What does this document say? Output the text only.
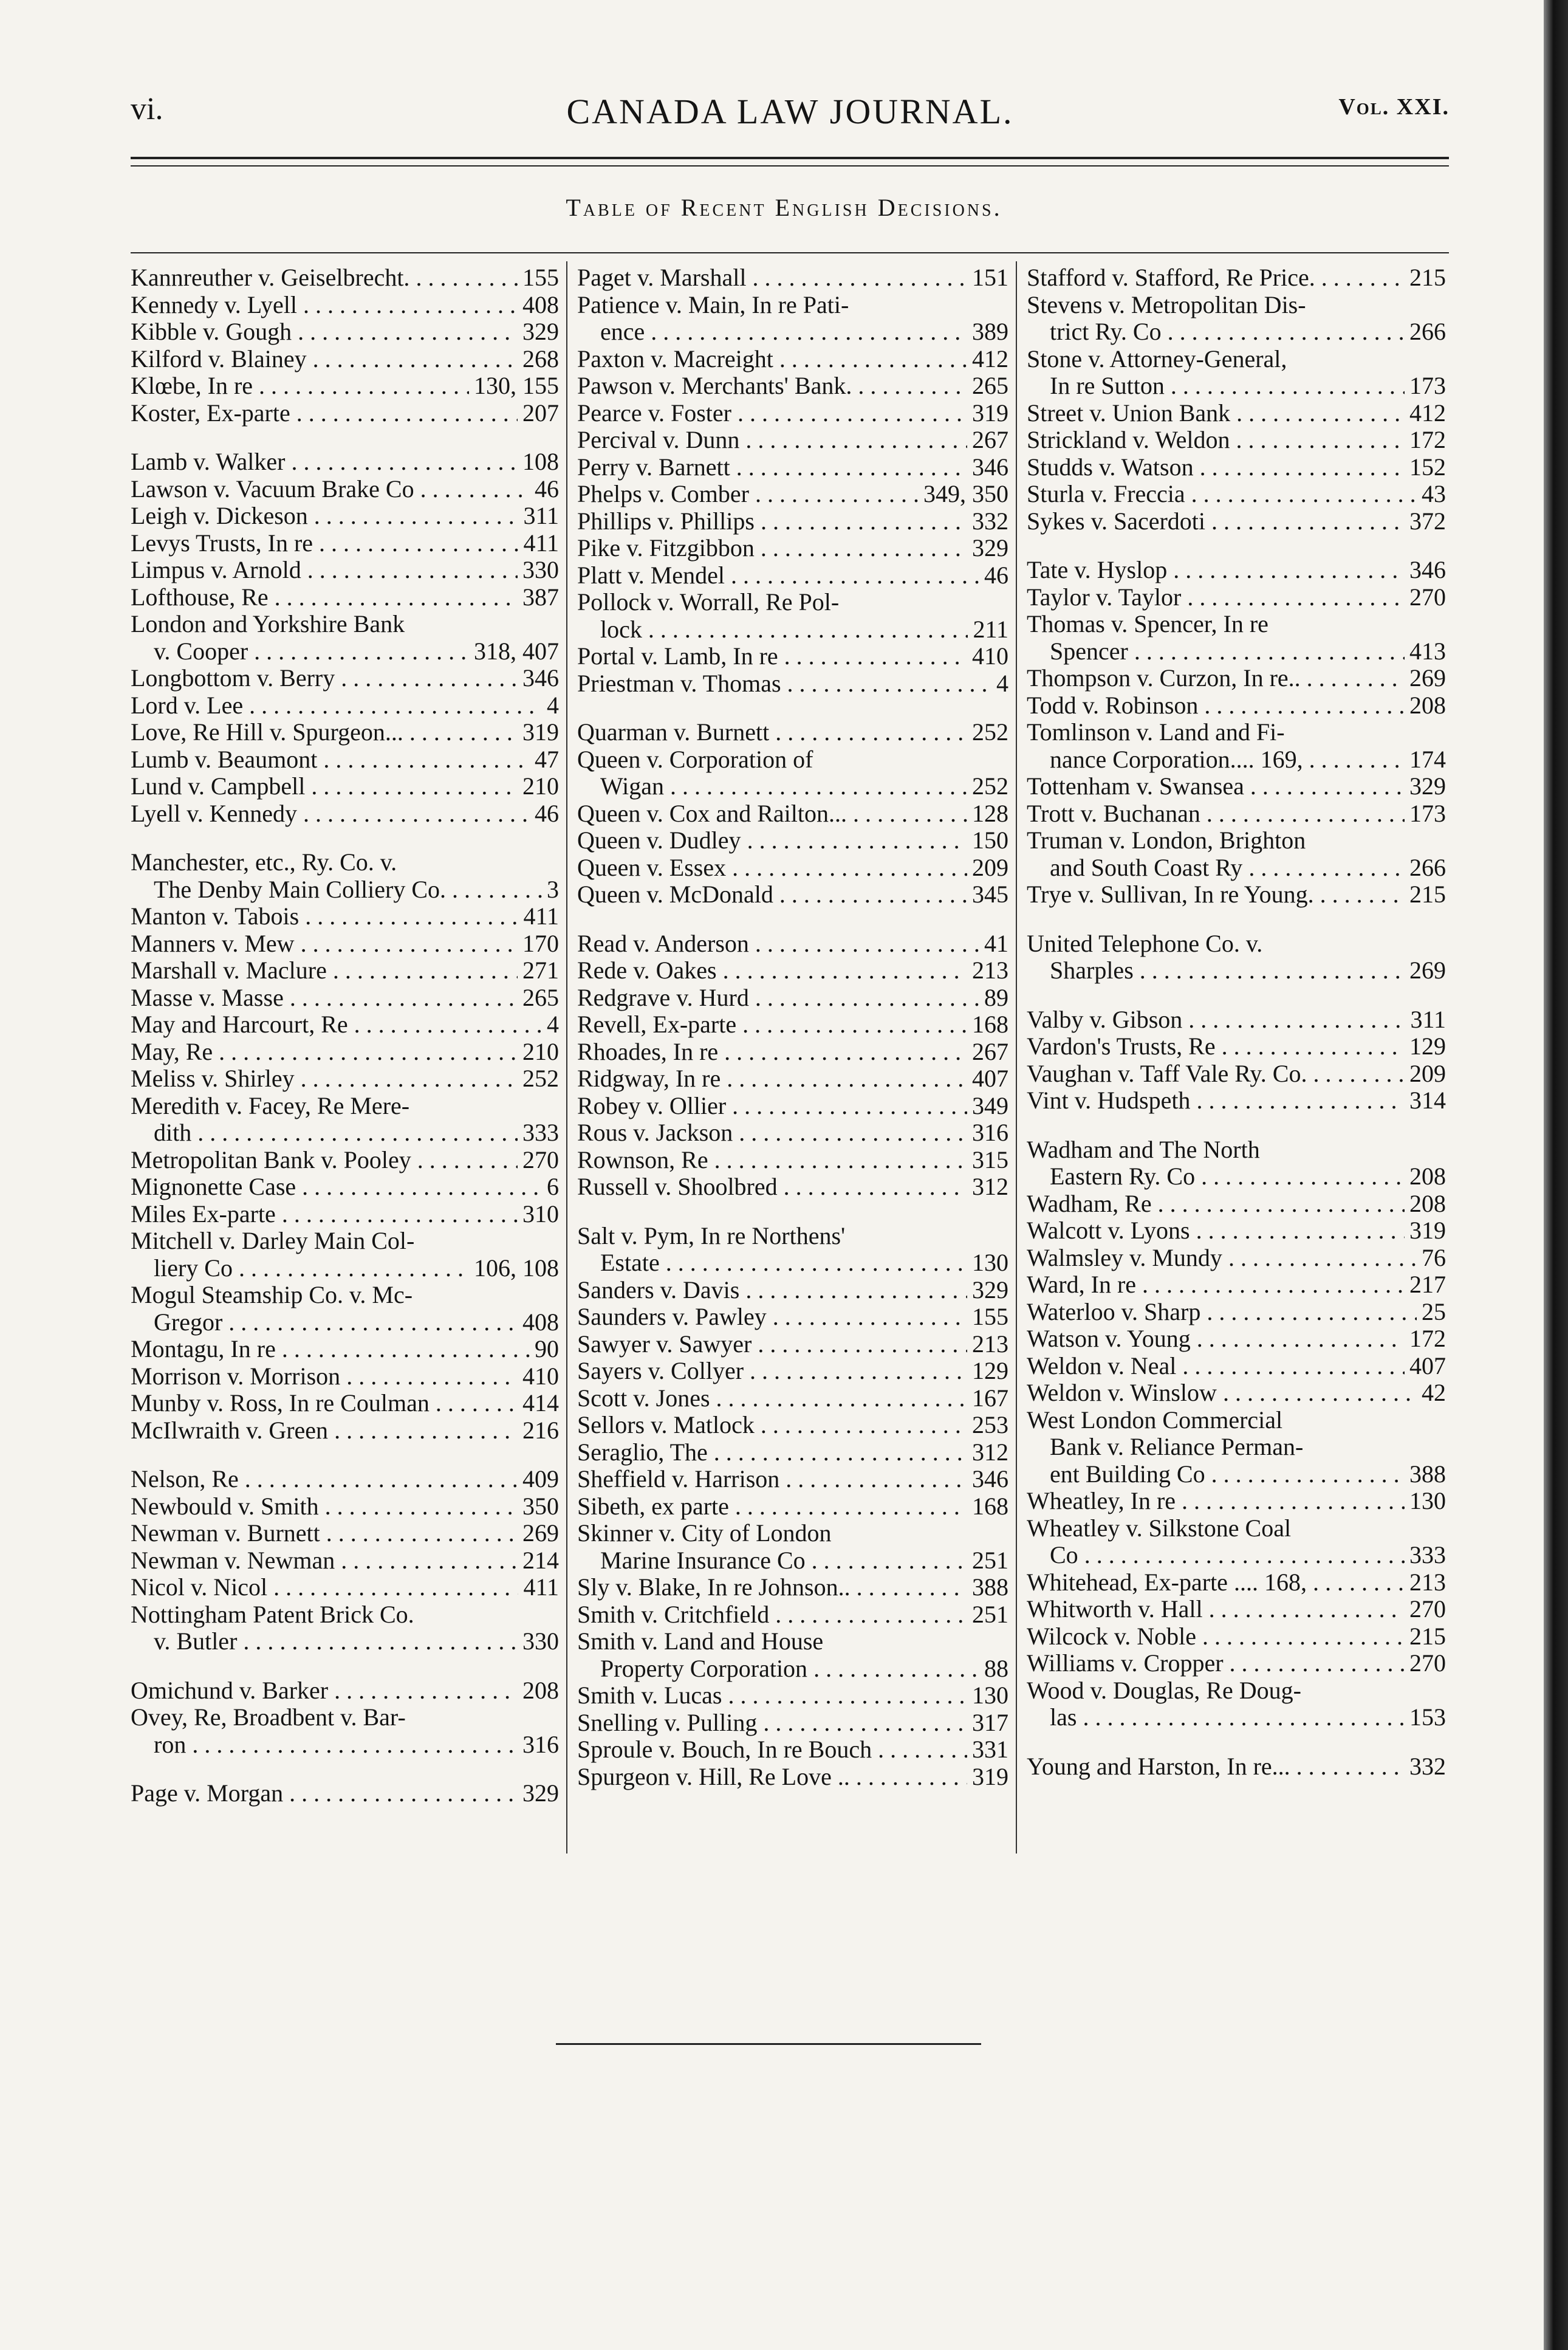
vi.	CANADA LAW JOURNAL.	Vol. XXI.
Table of Recent English Decisions.
Kannreuther v. Geiselbrecht. . . .	155
Kennedy v. Lyell . . .	408
Kibble v. Gough . . .	329
Kilford v. Blainey . . .	268
Klœbe, In re . . .	130, 155
Koster, Ex-parte . . .	207
Lamb v. Walker . . .	108
Lawson v. Vacuum Brake Co . . .	46
Leigh v. Dickeson . . .	311
Levys Trusts, In re . . .	411
Limpus v. Arnold . . .	330
Lofthouse, Re . . .	387
London and Yorkshire Bank
v. Cooper . . .	318, 407
Longbottom v. Berry . . .	346
Lord v. Lee . . .	4
Love, Re Hill v. Spurgeon... . . .	319
Lumb v. Beaumont . . .	47
Lund v. Campbell . . .	210
Lyell v. Kennedy . . .	46
Manchester, etc., Ry. Co. v.
The Denby Main Colliery Co. . . .	3
Manton v. Tabois . . .	411
Manners v. Mew . . .	170
Marshall v. Maclure . . .	271
Masse v. Masse . . .	265
May and Harcourt, Re . . .	4
May, Re . . .	210
Meliss v. Shirley . . .	252
Meredith v. Facey, Re Mere-
dith . . .	333
Metropolitan Bank v. Pooley . . .	270
Mignonette Case . . .	6
Miles Ex-parte . . .	310
Mitchell v. Darley Main Col-
liery Co . . .	106, 108
Mogul Steamship Co. v. Mc-
Gregor . . .	408
Montagu, In re . . .	90
Morrison v. Morrison . . .	410
Munby v. Ross, In re Coulman . . .	414
McIlwraith v. Green . . .	216
Nelson, Re . . .	409
Newbould v. Smith . . .	350
Newman v. Burnett . . .	269
Newman v. Newman . . .	214
Nicol v. Nicol . . .	411
Nottingham Patent Brick Co.
v. Butler . . .	330
Omichund v. Barker . . .	208
Ovey, Re, Broadbent v. Bar-
ron . . .	316
Page v. Morgan . . .	329
Paget v. Marshall . . .	151
Patience v. Main, In re Pati-
ence . . .	389
Paxton v. Macreight . . .	412
Pawson v. Merchants' Bank. . . .	265
Pearce v. Foster . . .	319
Percival v. Dunn . . .	267
Perry v. Barnett . . .	346
Phelps v. Comber . . .	349, 350
Phillips v. Phillips . . .	332
Pike v. Fitzgibbon . . .	329
Platt v. Mendel . . .	46
Pollock v. Worrall, Re Pol-
lock . . .	211
Portal v. Lamb, In re . . .	410
Priestman v. Thomas . . .	4
Quarman v. Burnett . . .	252
Queen v. Corporation of
Wigan . . .	252
Queen v. Cox and Railton... . . .	128
Queen v. Dudley . . .	150
Queen v. Essex . . .	209
Queen v. McDonald . . .	345
Read v. Anderson . . .	41
Rede v. Oakes . . .	213
Redgrave v. Hurd . . .	89
Revell, Ex-parte . . .	168
Rhoades, In re . . .	267
Ridgway, In re . . .	407
Robey v. Ollier . . .	349
Rous v. Jackson . . .	316
Rownson, Re . . .	315
Russell v. Shoolbred . . .	312
Salt v. Pym, In re Northens'
Estate . . .	130
Sanders v. Davis . . .	329
Saunders v. Pawley . . .	155
Sawyer v. Sawyer . . .	213
Sayers v. Collyer . . .	129
Scott v. Jones . . .	167
Sellors v. Matlock . . .	253
Seraglio, The . . .	312
Sheffield v. Harrison . . .	346
Sibeth, ex parte . . .	168
Skinner v. City of London
Marine Insurance Co . . .	251
Sly v. Blake, In re Johnson.. . . .	388
Smith v. Critchfield . . .	251
Smith v. Land and House
Property Corporation . . .	88
Smith v. Lucas . . .	130
Snelling v. Pulling . . .	317
Sproule v. Bouch, In re Bouch . . .	331
Spurgeon v. Hill, Re Love .. . . .	319
Stafford v. Stafford, Re Price. . . .	215
Stevens v. Metropolitan Dis-
trict Ry. Co . . .	266
Stone v. Attorney-General,
In re Sutton . . .	173
Street v. Union Bank . . .	412
Strickland v. Weldon . . .	172
Studds v. Watson . . .	152
Sturla v. Freccia . . .	43
Sykes v. Sacerdoti . . .	372
Tate v. Hyslop . . .	346
Taylor v. Taylor . . .	270
Thomas v. Spencer, In re
Spencer . . .	413
Thompson v. Curzon, In re.. . . .	269
Todd v. Robinson . . .	208
Tomlinson v. Land and Fi-
nance Corporation.... 169, . . .	174
Tottenham v. Swansea . . .	329
Trott v. Buchanan . . .	173
Truman v. London, Brighton
and South Coast Ry . . .	266
Trye v. Sullivan, In re Young. . . .	215
United Telephone Co. v.
Sharples . . .	269
Valby v. Gibson . . .	311
Vardon's Trusts, Re . . .	129
Vaughan v. Taff Vale Ry. Co. . . .	209
Vint v. Hudspeth . . .	314
Wadham and The North
Eastern Ry. Co . . .	208
Wadham, Re . . .	208
Walcott v. Lyons . . .	319
Walmsley v. Mundy . . .	76
Ward, In re . . .	217
Waterloo v. Sharp . . .	25
Watson v. Young . . .	172
Weldon v. Neal . . .	407
Weldon v. Winslow . . .	42
West London Commercial
Bank v. Reliance Perman-
ent Building Co . . .	388
Wheatley, In re . . .	130
Wheatley v. Silkstone Coal
Co . . .	333
Whitehead, Ex-parte .... 168, . . .	213
Whitworth v. Hall . . .	270
Wilcock v. Noble . . .	215
Williams v. Cropper . . .	270
Wood v. Douglas, Re Doug-
las . . .	153
Young and Harston, In re... . . .	332
